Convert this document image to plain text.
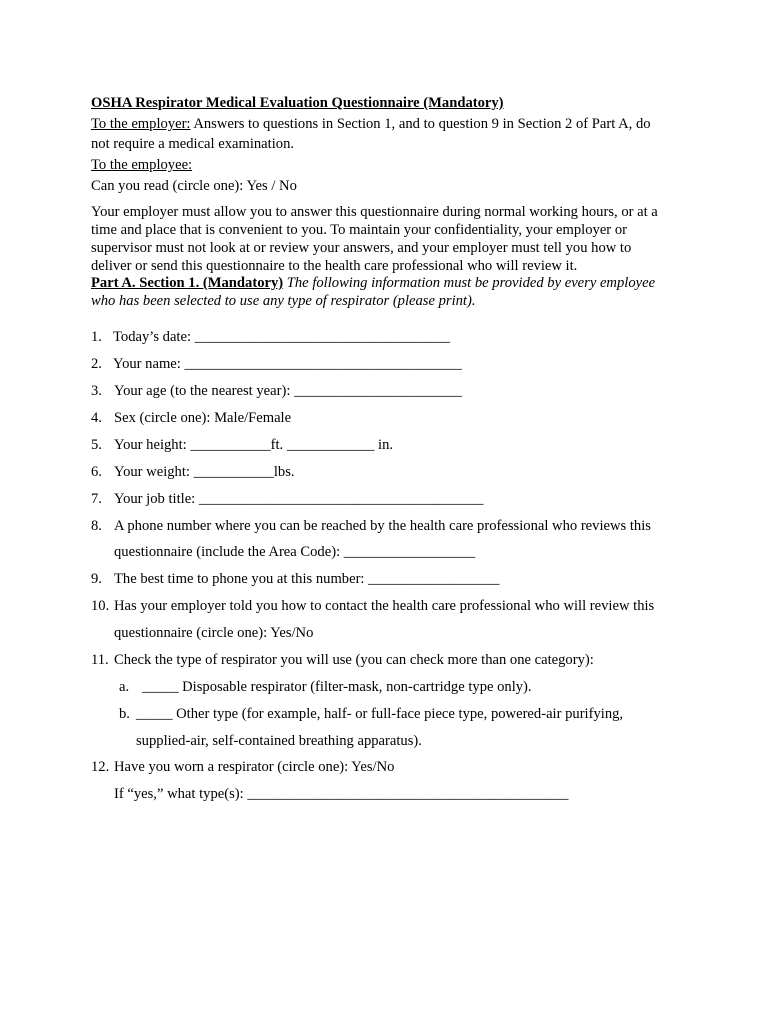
OSHA Respirator Medical Evaluation Questionnaire (Mandatory)
To the employer: Answers to questions in Section 1, and to question 9 in Section 2 of Part A, do
not require a medical examination.
To the employee:
Can you read (circle one): Yes / No
Your employer must allow you to answer this questionnaire during normal working hours, or at a
time and place that is convenient to you. To maintain your confidentiality, your employer or
supervisor must not look at or review your answers, and your employer must tell you how to
deliver or send this questionnaire to the health care professional who will review it.
Part A. Section 1. (Mandatory) The following information must be provided by every employee
who has been selected to use any type of respirator (please print).
1. Today’s date: ___________________________________
2. Your name: ______________________________________
3. Your age (to the nearest year): _______________________
4. Sex (circle one): Male/Female
5. Your height: ___________ft. ____________ in.
6. Your weight: ___________lbs.
7. Your job title: _______________________________________
8. A phone number where you can be reached by the health care professional who reviews this
questionnaire (include the Area Code): __________________
9. The best time to phone you at this number: __________________
10. Has your employer told you how to contact the health care professional who will review this
questionnaire (circle one): Yes/No
11. Check the type of respirator you will use (you can check more than one category):
a. _____ Disposable respirator (filter-mask, non-cartridge type only).
b. _____ Other type (for example, half- or full-face piece type, powered-air purifying,
supplied-air, self-contained breathing apparatus).
12. Have you worn a respirator (circle one): Yes/No
If “yes,” what type(s): ____________________________________________
